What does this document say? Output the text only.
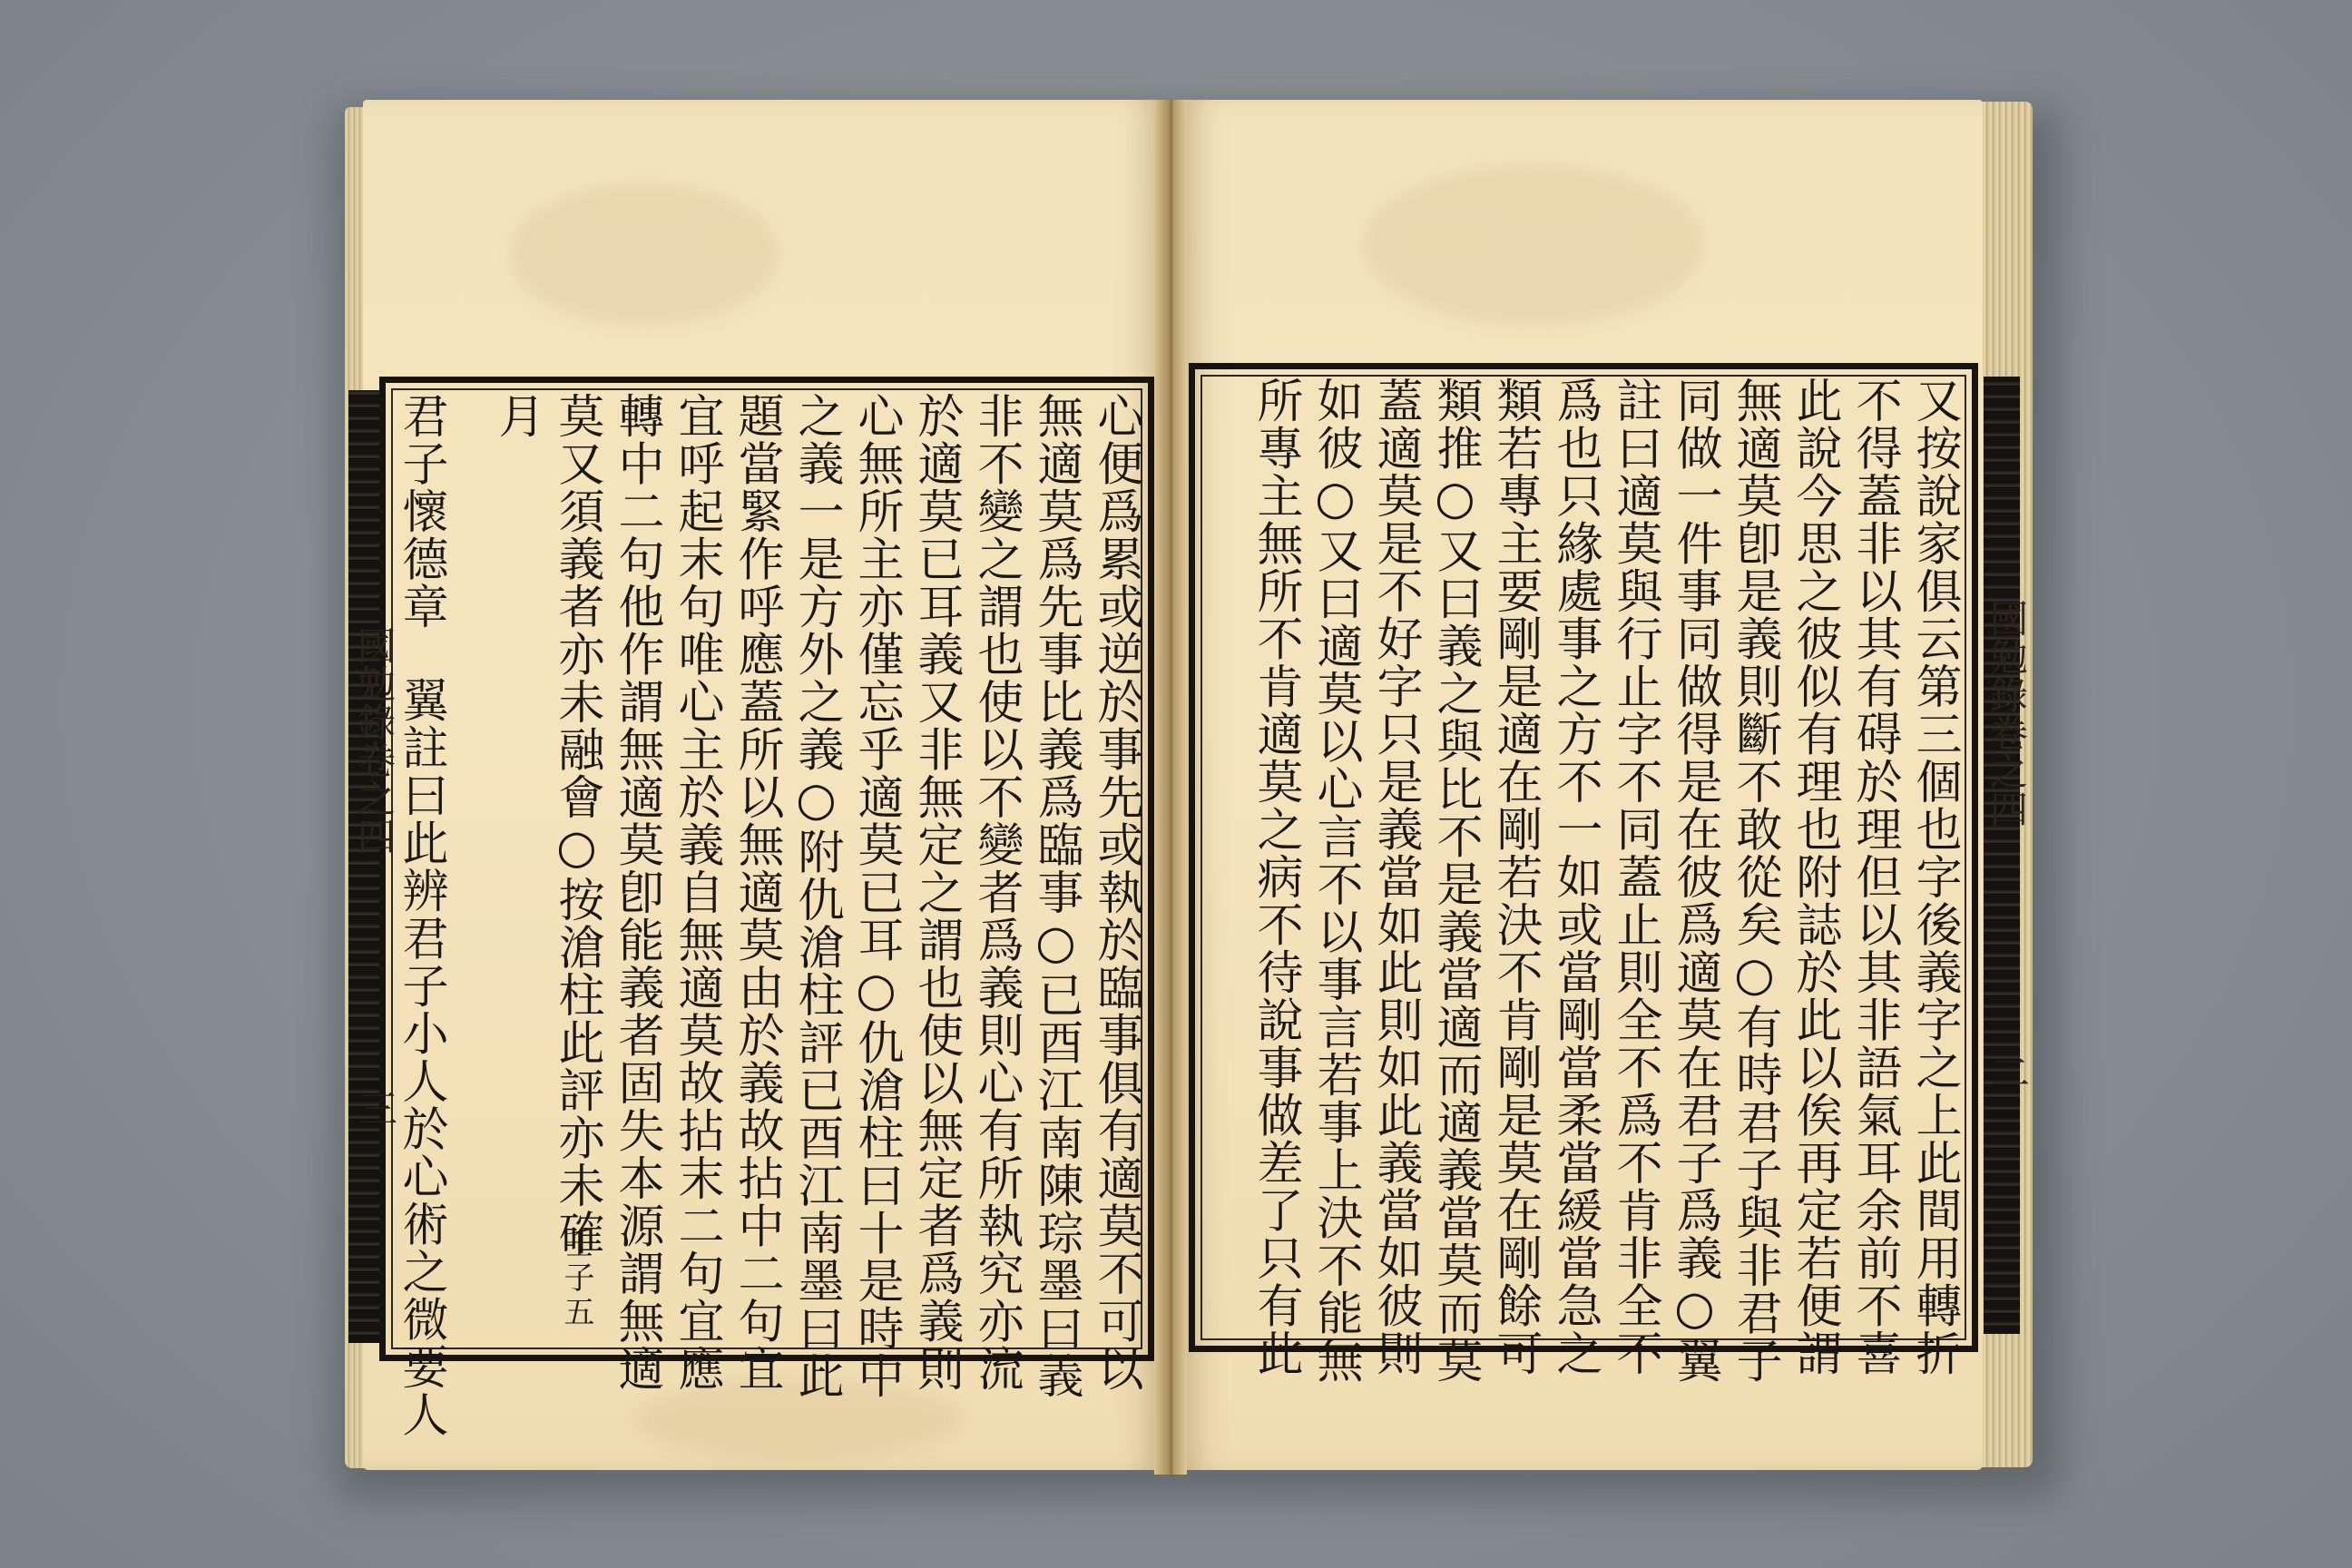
國勉錄卷之四
三
君子懷德章
翼註曰此辨君子小人於心術之微要人	心便爲累或逆於事先或執於臨事俱有適莫不可以
無適莫爲先事比義爲臨事○已酉江南陳琮墨曰義
非不變之謂也使以不變者爲義則心有所執究亦流
於適莫已耳義又非無定之謂也使以無定者爲義則
心無所主亦僅忘乎適莫已耳○仇滄柱曰十是時中
之義一是方外之義○附仇滄柱評已酉江南墨曰此
題當緊作呼應蓋所以無適莫由於義故拈中二句宜
宜呼起末句唯心主於義自無適莫故拈末二句宜應
轉中二句他作謂無適莫卽能義者固失本源謂無適
莫又須義者亦未融會○按滄柱此評亦未確
壬子五
月
國勉錄卷之四
二
又按說家俱云第三個也字後義字之上此間用轉折
不得蓋非以其有碍於理但以其非語氣耳余前不喜
此說今思之彼似有理也附誌於此以俟再定若便謂
無適莫卽是義則斷不敢從矣○有時君子與非君子
同做一件事同做得是在彼爲適莫在君子爲義○翼
註曰適莫與行止字不同蓋止則全不爲不肯非全不
爲也只緣處事之方不一如或當剛當柔當緩當急之
類若專主要剛是適在剛若決不肯剛是莫在剛餘可
類推○又曰義之與比不是義當適而適義當莫而莫
蓋適莫是不好字只是義當如此則如此義當如彼則
如彼○又曰適莫以心言不以事言若事上決不能無
所專主無所不肯適莫之病不待說事做差了只有此
